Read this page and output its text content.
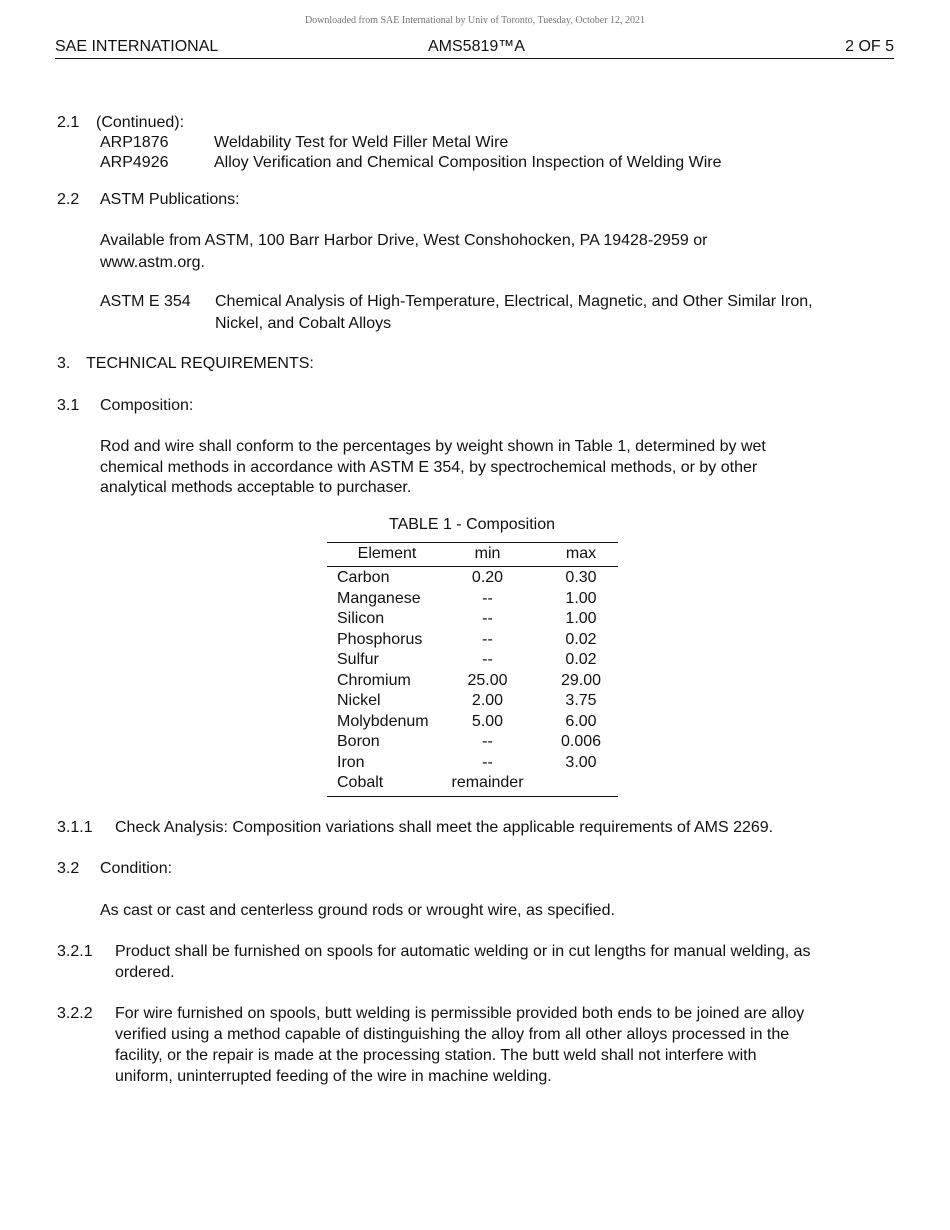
Downloaded from SAE International by Univ of Toronto, Tuesday, October 12, 2021
SAE INTERNATIONAL	AMS5819™A	2 OF 5
2.1 (Continued):
ARP1876	Weldability Test for Weld Filler Metal Wire
ARP4926	Alloy Verification and Chemical Composition Inspection of Welding Wire
2.2 ASTM Publications:
Available from ASTM, 100 Barr Harbor Drive, West Conshohocken, PA 19428-2959 or
www.astm.org.
ASTM E 354 Chemical Analysis of High-Temperature, Electrical, Magnetic, and Other Similar Iron,
Nickel, and Cobalt Alloys
3. TECHNICAL REQUIREMENTS:
3.1 Composition:
Rod and wire shall conform to the percentages by weight shown in Table 1, determined by wet
chemical methods in accordance with ASTM E 354, by spectrochemical methods, or by other
analytical methods acceptable to purchaser.
TABLE 1 - Composition
Element	min	max
Carbon	0.20	0.30
Manganese	--	1.00
Silicon	--	1.00
Phosphorus	--	0.02
Sulfur	--	0.02
Chromium	25.00	29.00
Nickel	2.00	3.75
Molybdenum	5.00	6.00
Boron	--	0.006
Iron	--	3.00
Cobalt	remainder
3.1.1 Check Analysis: Composition variations shall meet the applicable requirements of AMS 2269.
3.2 Condition:
As cast or cast and centerless ground rods or wrought wire, as specified.
3.2.1 Product shall be furnished on spools for automatic welding or in cut lengths for manual welding, as
ordered.
3.2.2 For wire furnished on spools, butt welding is permissible provided both ends to be joined are alloy
verified using a method capable of distinguishing the alloy from all other alloys processed in the
facility, or the repair is made at the processing station. The butt weld shall not interfere with
uniform, uninterrupted feeding of the wire in machine welding.
